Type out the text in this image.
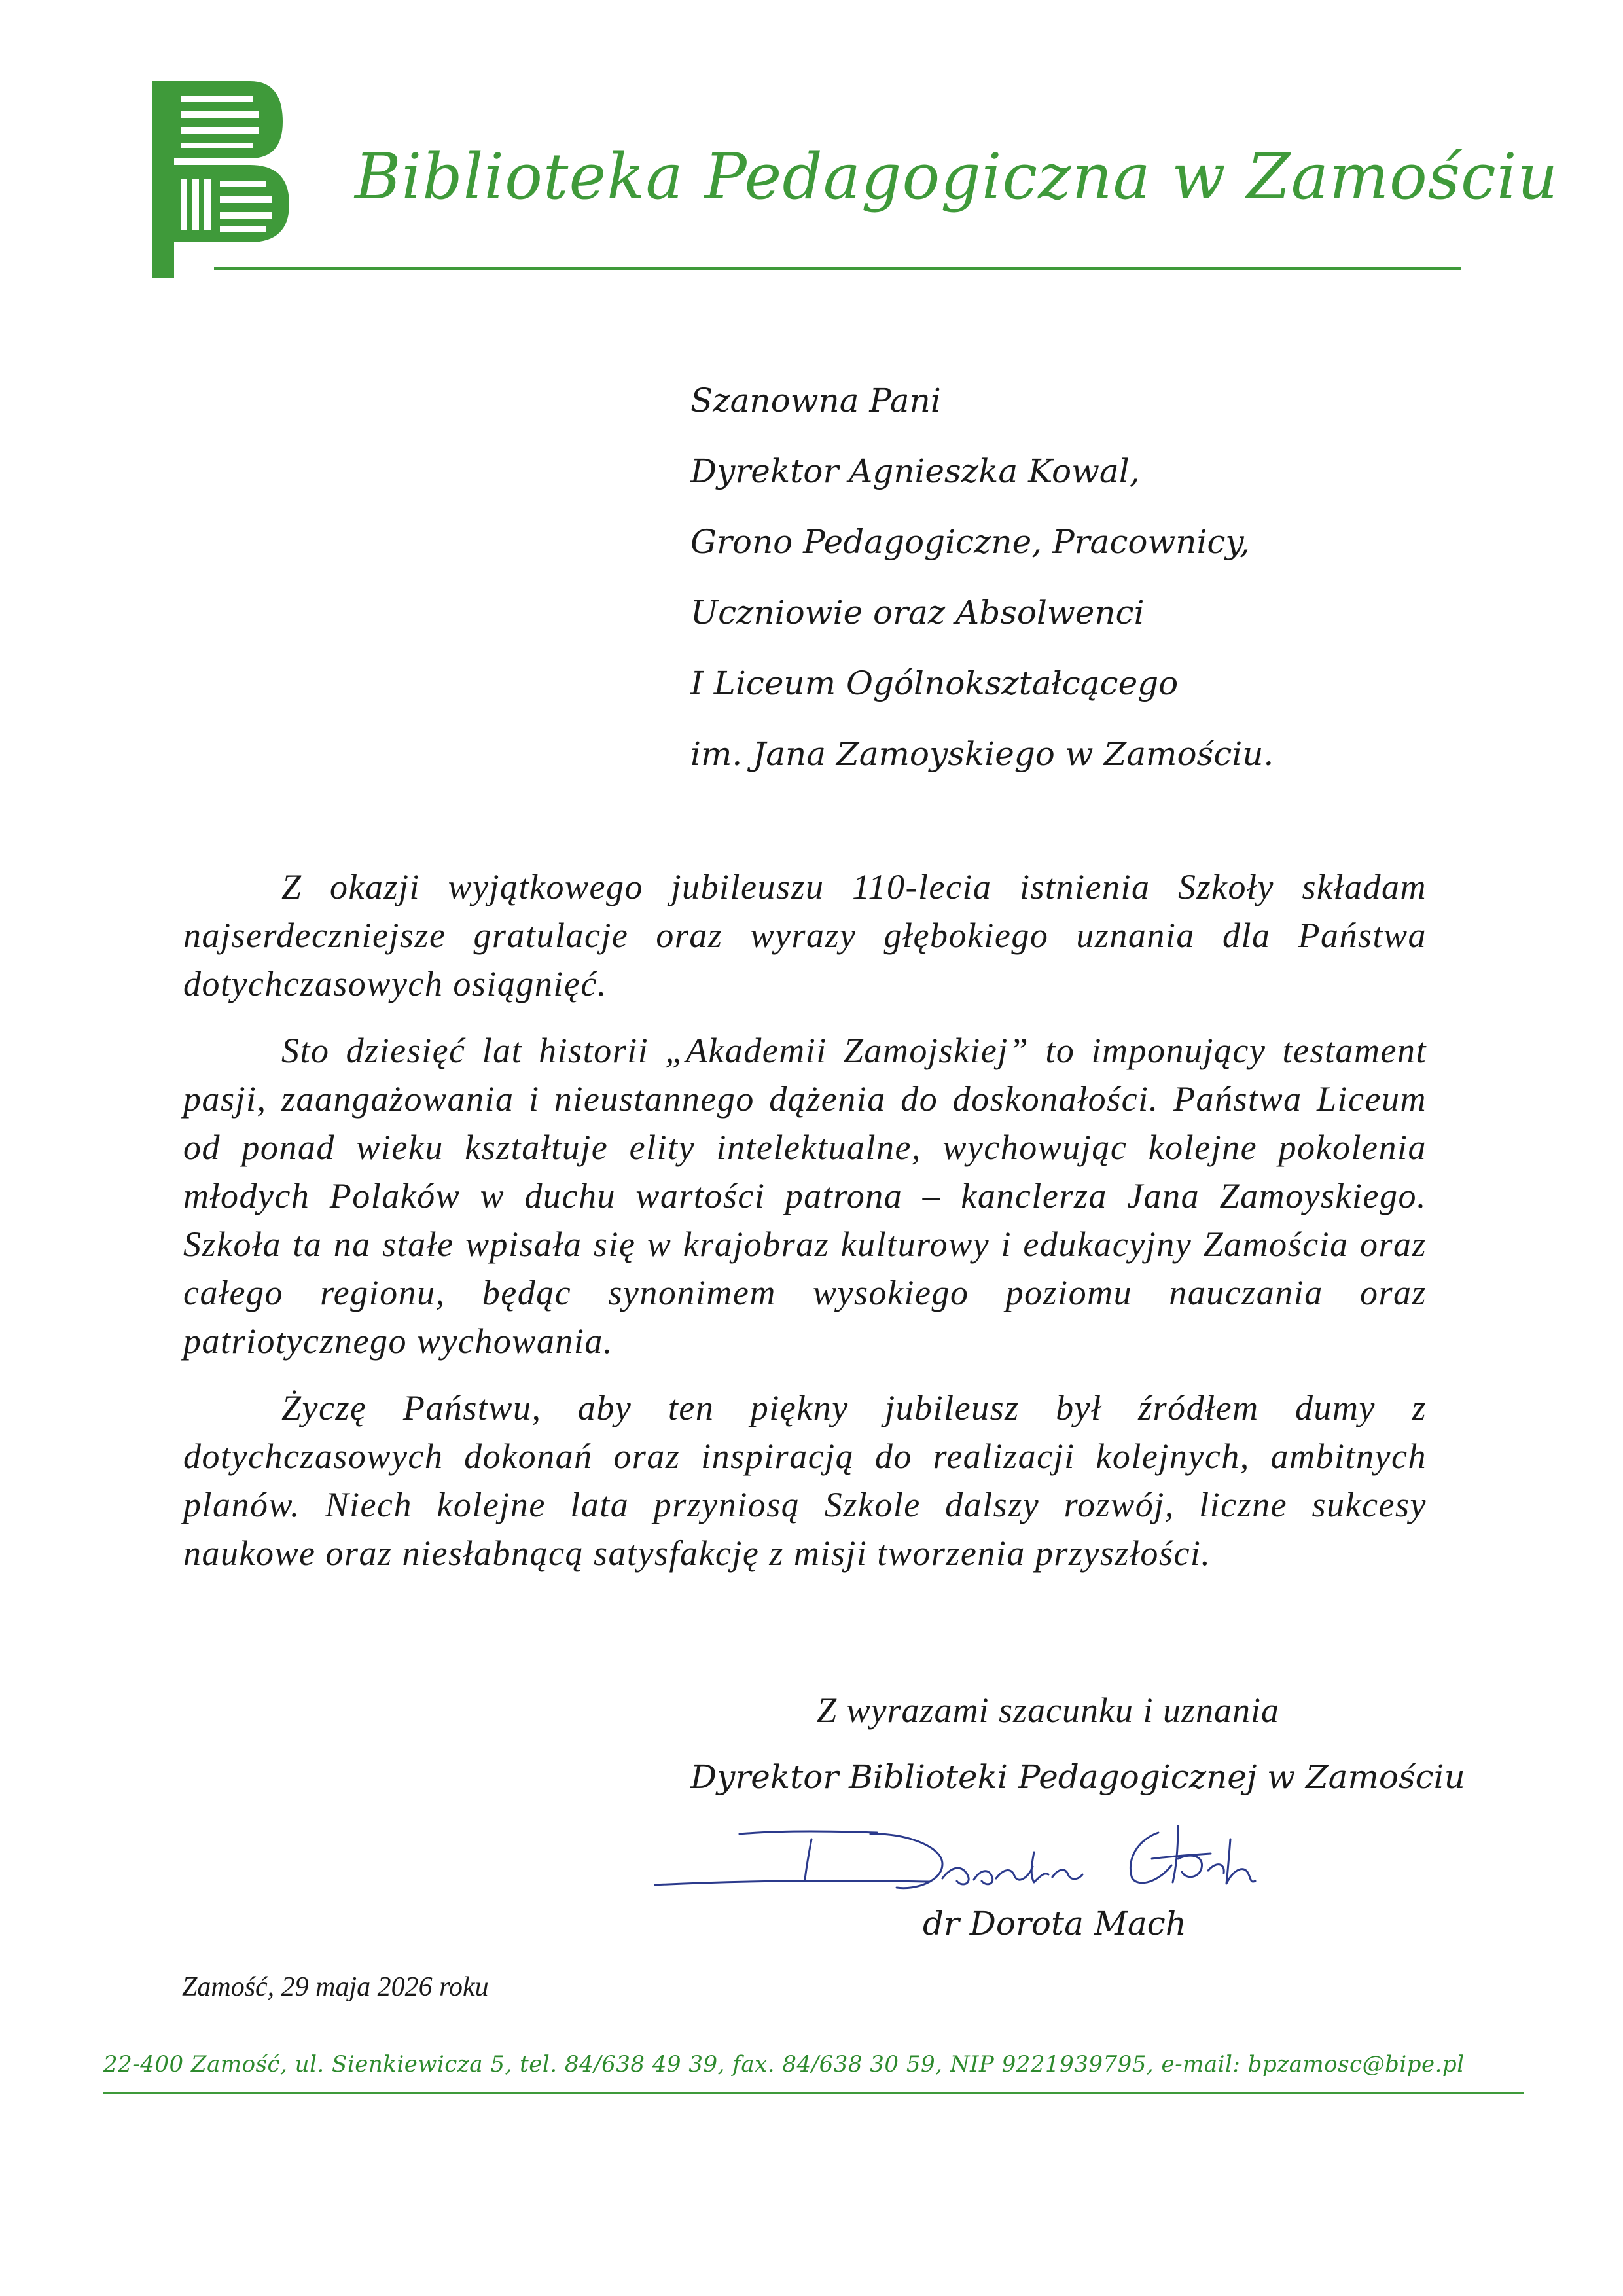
Biblioteka Pedagogiczna w Zamościu
Szanowna Pani
Dyrektor Agnieszka Kowal,
Grono Pedagogiczne, Pracownicy,
Uczniowie oraz Absolwenci
I Liceum Ogólnokształcącego
im. Jana Zamoyskiego w Zamościu.

Z okazji wyjątkowego jubileuszu 110-lecia istnienia Szkoły składam najserdeczniejsze gratulacje oraz wyrazy głębokiego uznania dla Państwa dotychczasowych osiągnięć.

Sto dziesięć lat historii „Akademii Zamojskiej” to imponujący testament pasji, zaangażowania i nieustannego dążenia do doskonałości. Państwa Liceum od ponad wieku kształtuje elity intelektualne, wychowując kolejne pokolenia młodych Polaków w duchu wartości patrona – kanclerza Jana Zamoyskiego. Szkoła ta na stałe wpisała się w krajobraz kulturowy i edukacyjny Zamościa oraz całego regionu, będąc synonimem wysokiego poziomu nauczania oraz patriotycznego wychowania.

Życzę Państwu, aby ten piękny jubileusz był źródłem dumy z dotychczasowych dokonań oraz inspiracją do realizacji kolejnych, ambitnych planów. Niech kolejne lata przyniosą Szkole dalszy rozwój, liczne sukcesy naukowe oraz niesłabnącą satysfakcję z misji tworzenia przyszłości.

Z wyrazami szacunku i uznania
Dyrektor Biblioteki Pedagogicznej w Zamościu
dr Dorota Mach
Zamość, 29 maja 2026 roku
22-400 Zamość, ul. Sienkiewicza 5, tel. 84/638 49 39, fax. 84/638 30 59, NIP 9221939795, e-mail: bpzamosc@bipe.pl
